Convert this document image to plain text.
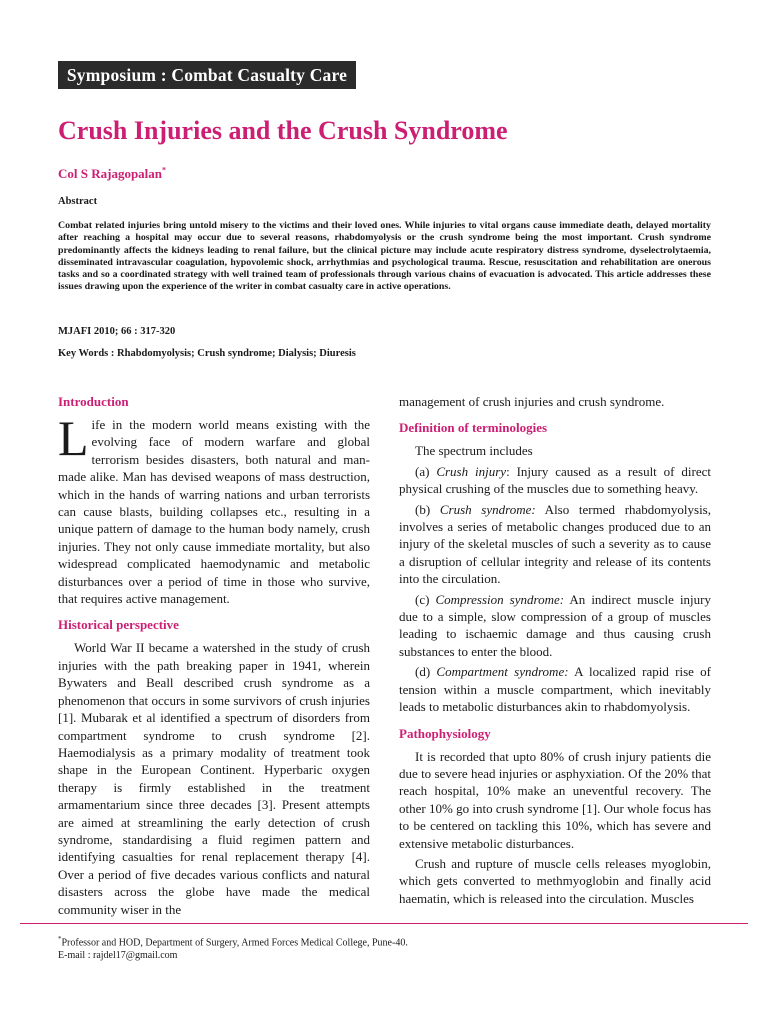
Symposium : Combat Casualty Care
Crush Injuries and the Crush Syndrome
Col S Rajagopalan*
Abstract
Combat related injuries bring untold misery to the victims and their loved ones. While injuries to vital organs cause immediate death, delayed mortality after reaching a hospital may occur due to several reasons, rhabdomyolysis or the crush syndrome being the most important. Crush syndrome predominantly affects the kidneys leading to renal failure, but the clinical picture may include acute respiratory distress syndrome, dyselectrolytaemia, disseminated intravascular coagulation, hypovolemic shock, arrhythmias and psychological trauma. Rescue, resuscitation and rehabilitation are onerous tasks and so a coordinated strategy with well trained team of professionals through various chains of evacuation is advocated. This article addresses these issues drawing upon the experience of the writer in combat casualty care in active operations.
MJAFI 2010; 66 : 317-320
Key Words : Rhabdomyolysis; Crush syndrome; Dialysis; Diuresis
Introduction

Life in the modern world means existing with the evolving face of modern warfare and global terrorism besides disasters, both natural and man-made alike. Man has devised weapons of mass destruction, which in the hands of warring nations and urban terrorists can cause blasts, building collapses etc., resulting in a unique pattern of damage to the human body namely, crush injuries. They not only cause immediate mortality, but also widespread complicated haemodynamic and metabolic disturbances over a period of time in those who survive, that requires active management.

Historical perspective

World War II became a watershed in the study of crush injuries with the path breaking paper in 1941, wherein Bywaters and Beall described crush syndrome as a phenomenon that occurs in some survivors of crush injuries [1]. Mubarak et al identified a spectrum of disorders from compartment syndrome to crush syndrome [2]. Haemodialysis as a primary modality of treatment took shape in the European Continent. Hyperbaric oxygen therapy is firmly established in the treatment armamentarium since three decades [3]. Present attempts are aimed at streamlining the early detection of crush syndrome, standardising a fluid regimen pattern and identifying casualties for renal replacement therapy [4]. Over a period of five decades various conflicts and natural disasters across the globe have made the medical community wiser in the

management of crush injuries and crush syndrome.

Definition of terminologies

The spectrum includes

(a) Crush injury: Injury caused as a result of direct physical crushing of the muscles due to something heavy.

(b) Crush syndrome: Also termed rhabdomyolysis, involves a series of metabolic changes produced due to an injury of the skeletal muscles of such a severity as to cause a disruption of cellular integrity and release of its contents into the circulation.

(c) Compression syndrome: An indirect muscle injury due to a simple, slow compression of a group of muscles leading to ischaemic damage and thus causing crush substances to enter the blood.

(d) Compartment syndrome: A localized rapid rise of tension within a muscle compartment, which inevitably leads to metabolic disturbances akin to rhabdomyolysis.

Pathophysiology

It is recorded that upto 80% of crush injury patients die due to severe head injuries or asphyxiation. Of the 20% that reach hospital, 10% make an uneventful recovery. The other 10% go into crush syndrome [1]. Our whole focus has to be centered on tackling this 10%, which has severe and extensive metabolic disturbances.

Crush and rupture of muscle cells releases myoglobin, which gets converted to methmyoglobin and finally acid haematin, which is released into the circulation. Muscles

*Professor and HOD, Department of Surgery, Armed Forces Medical College, Pune-40.
E-mail : rajdel17@gmail.com
